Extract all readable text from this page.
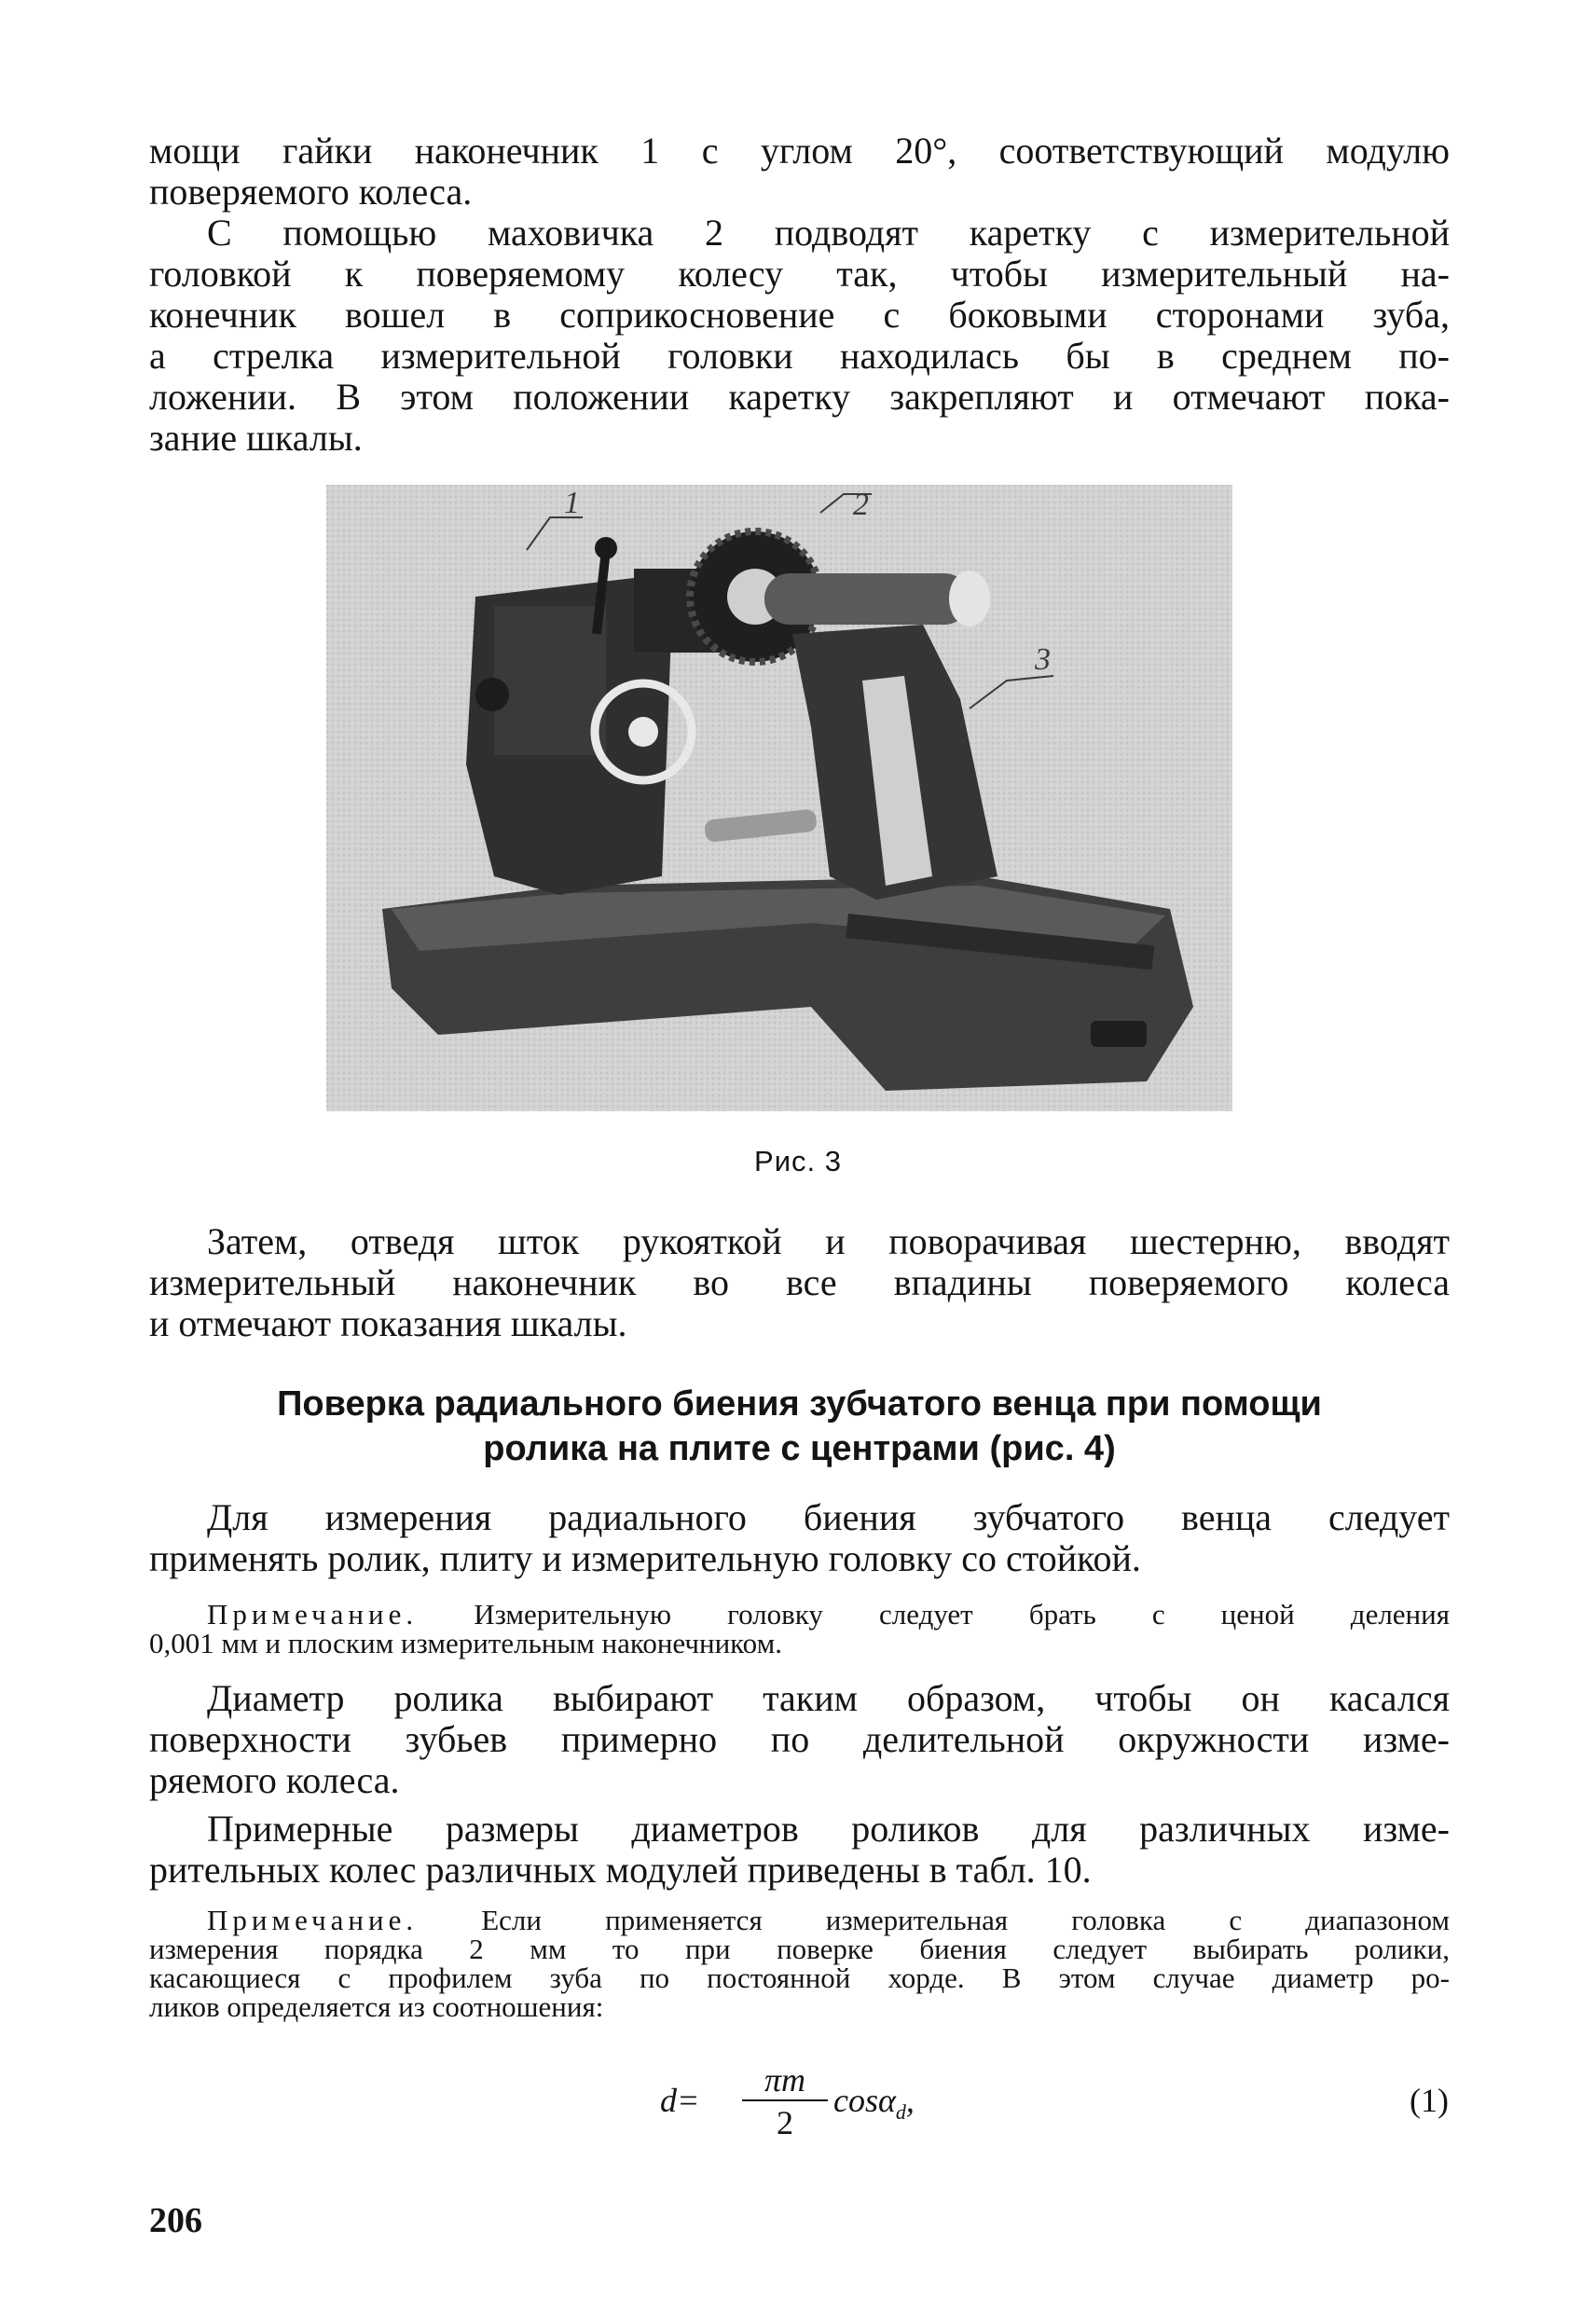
мощи гайки наконечник 1 с углом 20°, соответствующий модулю
поверяемого колеса.
С помощью маховичка 2 подводят каретку с измерительной
головкой к поверяемому колесу так, чтобы измерительный на-
конечник вошел в соприкосновение с боковыми сторонами зуба,
а стрелка измерительной головки находилась бы в среднем по-
ложении. В этом положении каретку закрепляют и отмечают пока-
зание шкалы.
1	2
3
Рис. 3
Затем, отведя шток рукояткой и поворачивая шестерню, вводят
измерительный наконечник во все впадины поверяемого колеса
и отмечают показания шкалы.
Поверка радиального биения зубчатого венца при помощи
ролика на плите с центрами (рис. 4)
Для измерения радиального биения зубчатого венца следует
применять ролик, плиту и измерительную головку со стойкой.
Примечание. Измерительную головку следует брать с ценой деления
0,001 мм и плоским измерительным наконечником.
Диаметр ролика выбирают таким образом, чтобы он касался
поверхности зубьев примерно по делительной окружности изме-
ряемого колеса.
Примерные размеры диаметров роликов для различных изме-
рительных колес различных модулей приведены в табл. 10.
Примечание. Если применяется измерительная головка с диапазоном
измерения порядка 2 мм то при поверке биения следует выбирать ролики,
касающиеся с профилем зуба по постоянной хорде. В этом случае диаметр ро-
ликов определяется из соотношения:
d=
πm
2
cosα$_d$,	(1)
206
